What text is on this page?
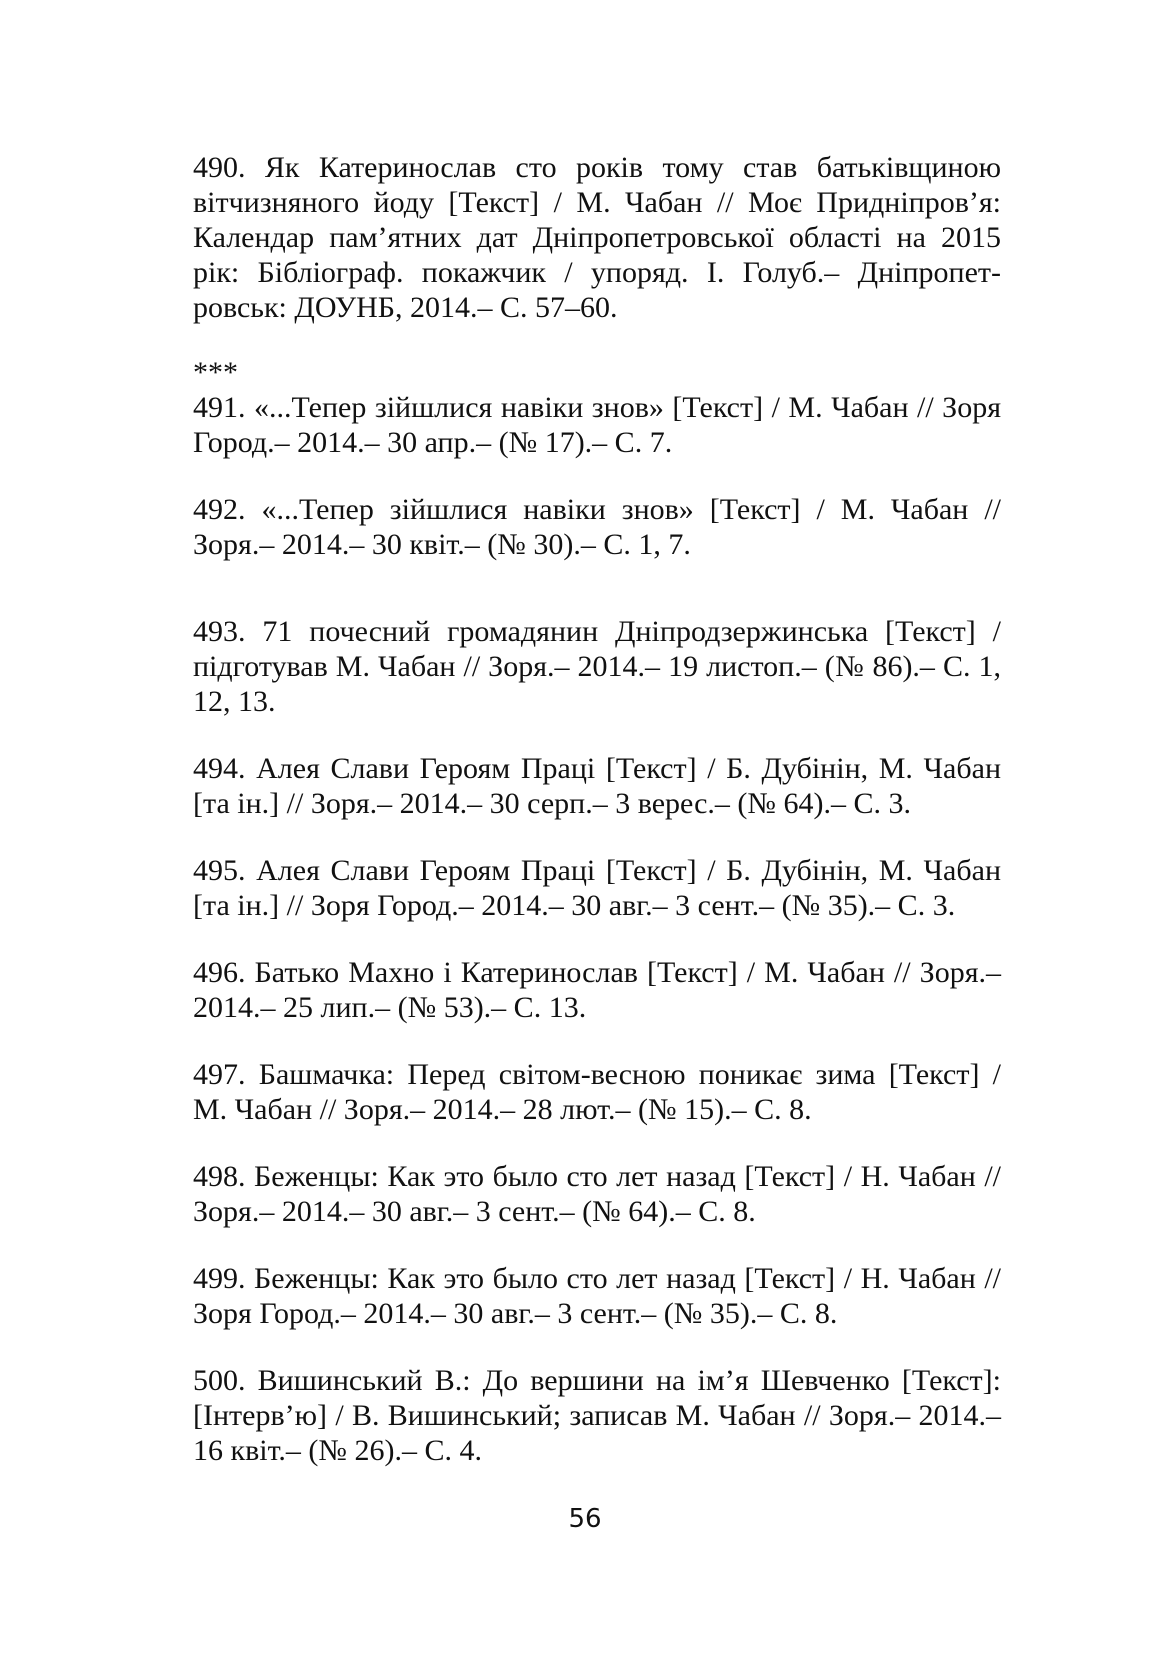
490. Як Катеринослав сто років тому став батьківщиною вітчизняного йоду [Текст] / М. Чабан // Моє Придніпров’я: Календар пам’ятних дат Дніпропетровської області на 2015 рік: Бібліограф. покажчик / упоряд. І. Голуб.– Дніпропет-ровськ: ДОУНБ, 2014.– С. 57–60.

***

491. «...Тепер зійшлися навіки знов» [Текст] / М. Чабан // Зоря Город.– 2014.– 30 апр.– (№ 17).– С. 7.

492. «...Тепер зійшлися навіки знов» [Текст] / М. Чабан // Зоря.– 2014.– 30 квіт.– (№ 30).– С. 1, 7.

493. 71 почесний громадянин Дніпродзержинська [Текст] / підготував М. Чабан // Зоря.– 2014.– 19 листоп.– (№ 86).– С. 1, 12, 13.

494. Алея Слави Героям Праці [Текст] / Б. Дубінін, М. Чабан [та ін.] // Зоря.– 2014.– 30 серп.– 3 верес.– (№ 64).– С. 3.

495. Алея Слави Героям Праці [Текст] / Б. Дубінін, М. Чабан [та ін.] // Зоря Город.– 2014.– 30 авг.– 3 сент.– (№ 35).– С. 3.

496. Батько Махно і Катеринослав [Текст] / М. Чабан // Зоря.– 2014.– 25 лип.– (№ 53).– С. 13.

497. Башмачка: Перед світом-весною поникає зима [Текст] / М. Чабан // Зоря.– 2014.– 28 лют.– (№ 15).– С. 8.

498. Беженцы: Как это было сто лет назад [Текст] / Н. Чабан // Зоря.– 2014.– 30 авг.– 3 сент.– (№ 64).– С. 8.

499. Беженцы: Как это было сто лет назад [Текст] / Н. Чабан // Зоря Город.– 2014.– 30 авг.– 3 сент.– (№ 35).– С. 8.

500. Вишинський В.: До вершини на ім’я Шевченко [Текст]: [Інтерв’ю] / В. Вишинський; записав М. Чабан // Зоря.– 2014.– 16 квіт.– (№ 26).– С. 4.

56
